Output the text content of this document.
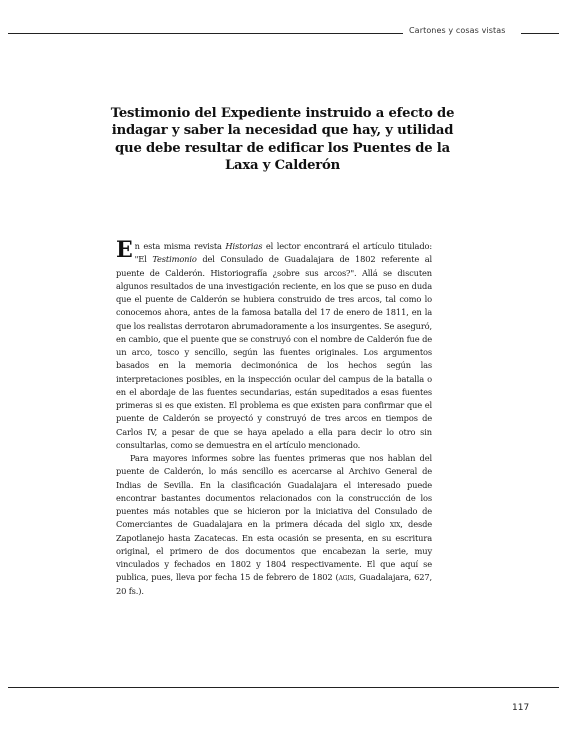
Cartones y cosas vistas
Testimonio del Expediente instruido a efecto de indagar y saber la necesidad que hay, y utilidad que debe resultar de edificar los Puentes de la Laxa y Calderón

En esta misma revista Historias el lector encontrará el artículo titulado: "El Testimonio del Consulado de Guadalajara de 1802 referente al puente de Calderón. Historiografía ¿sobre sus arcos?". Allá se discuten algunos resultados de una investigación reciente, en los que se puso en duda que el puente de Calderón se hubiera construido de tres arcos, tal como lo conocemos ahora, antes de la famosa batalla del 17 de enero de 1811, en la que los realistas derrotaron abrumadoramente a los insurgentes. Se aseguró, en cambio, que el puente que se construyó con el nombre de Calderón fue de un arco, tosco y sencillo, según las fuentes originales. Los argumentos basados en la memoria decimonónica de los hechos según las interpretaciones posibles, en la inspección ocular del campus de la batalla o en el abordaje de las fuentes secundarias, están supeditados a esas fuentes primeras si es que existen. El problema es que existen para confirmar que el puente de Calderón se proyectó y construyó de tres arcos en tiempos de Carlos IV, a pesar de que se haya apelado a ella para decir lo otro sin consultarlas, como se demuestra en el artículo mencionado.

Para mayores informes sobre las fuentes primeras que nos hablan del puente de Calderón, lo más sencillo es acercarse al Archivo General de Indias de Sevilla. En la clasificación Guadalajara el interesado puede encontrar bastantes documentos relacionados con la construcción de los puentes más notables que se hicieron por la iniciativa del Consulado de Comerciantes de Guadalajara en la primera década del siglo xix, desde Zapotlanejo hasta Zacatecas. En esta ocasión se presenta, en su escritura original, el primero de dos documentos que encabezan la serie, muy vinculados y fechados en 1802 y 1804 respectivamente. El que aquí se publica, pues, lleva por fecha 15 de febrero de 1802 (agis, Guadalajara, 627, 20 fs.).

117
